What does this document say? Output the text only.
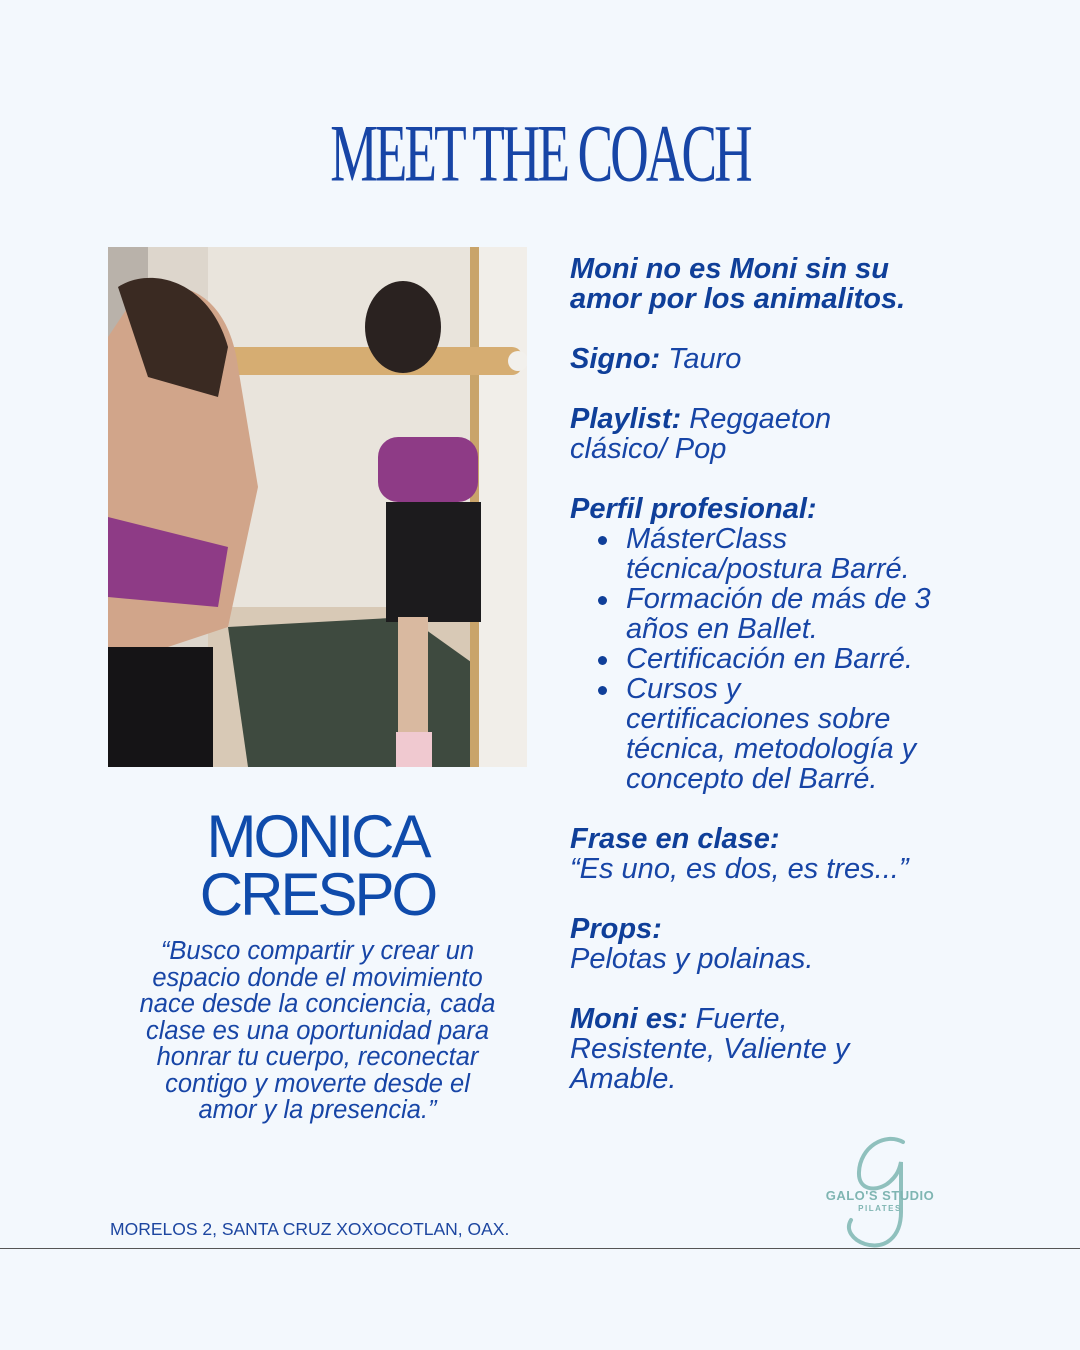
MEET THE COACH
MONICA
CRESPO
“Busco compartir y crear un
espacio donde el movimiento
nace desde la conciencia, cada
clase es una oportunidad para
honrar tu cuerpo, reconectar
contigo y moverte desde el
amor y la presencia.”

Moni no es Moni sin su
amor por los animalitos.

Signo: Tauro

Playlist: Reggaeton
clásico/ Pop

Perfil profesional:
MásterClass
técnica/postura Barré.
Formación de más de 3
años en Ballet.
Certificación en Barré.
Cursos y
certificaciones sobre
técnica, metodología y
concepto del Barré.

Frase en clase:
“Es uno, es dos, es tres...”

Props:
Pelotas y polainas.

Moni es: Fuerte,
Resistente, Valiente y
Amable.

GALO'S STUDIO
PILATES
MORELOS 2, SANTA CRUZ XOXOCOTLAN, OAX.
